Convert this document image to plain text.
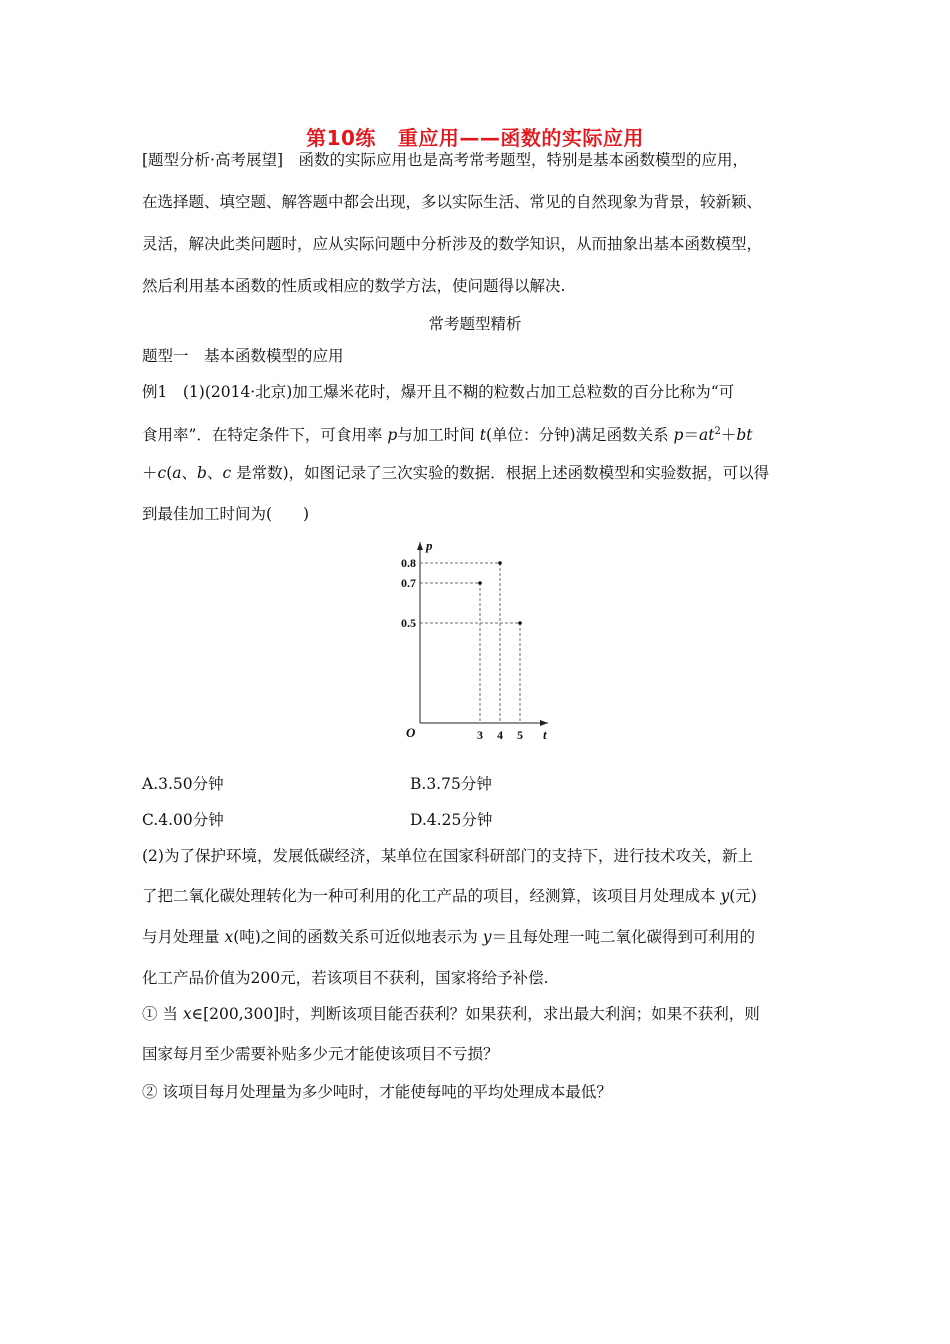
第10练 重应用——函数的实际应用
[题型分析·高考展望]　函数的实际应用也是高考常考题型，特别是基本函数模型的应用，
在选择题、填空题、解答题中都会出现，多以实际生活、常见的自然现象为背景，较新颖、
灵活，解决此类问题时，应从实际问题中分析涉及的数学知识，从而抽象出基本函数模型，
然后利用基本函数的性质或相应的数学方法，使问题得以解决.
常考题型精析
题型一　基本函数模型的应用
例1　(1)(2014·北京)加工爆米花时，爆开且不糊的粒数占加工总粒数的百分比称为“可
食用率”．在特定条件下，可食用率 p与加工时间 t(单位：分钟)满足函数关系 $p=at^2+bt$
＋c(a、b、c 是常数)，如图记录了三次实验的数据．根据上述函数模型和实验数据，可以得
到最佳加工时间为(　　)
0.8
0.7
0.5
3 4 5
p
t
O
A.3.50分钟	B.3.75分钟
C.4.00分钟	D.4.25分钟
(2)为了保护环境，发展低碳经济，某单位在国家科研部门的支持下，进行技术攻关，新上
了把二氧化碳处理转化为一种可利用的化工产品的项目，经测算，该项目月处理成本 y(元)
与月处理量 x(吨)之间的函数关系可近似地表示为 y＝且每处理一吨二氧化碳得到可利用的
化工产品价值为200元，若该项目不获利，国家将给予补偿.
① 当 x∈[200,300]时，判断该项目能否获利？如果获利，求出最大利润；如果不获利，则
国家每月至少需要补贴多少元才能使该项目不亏损？
② 该项目每月处理量为多少吨时，才能使每吨的平均处理成本最低？
